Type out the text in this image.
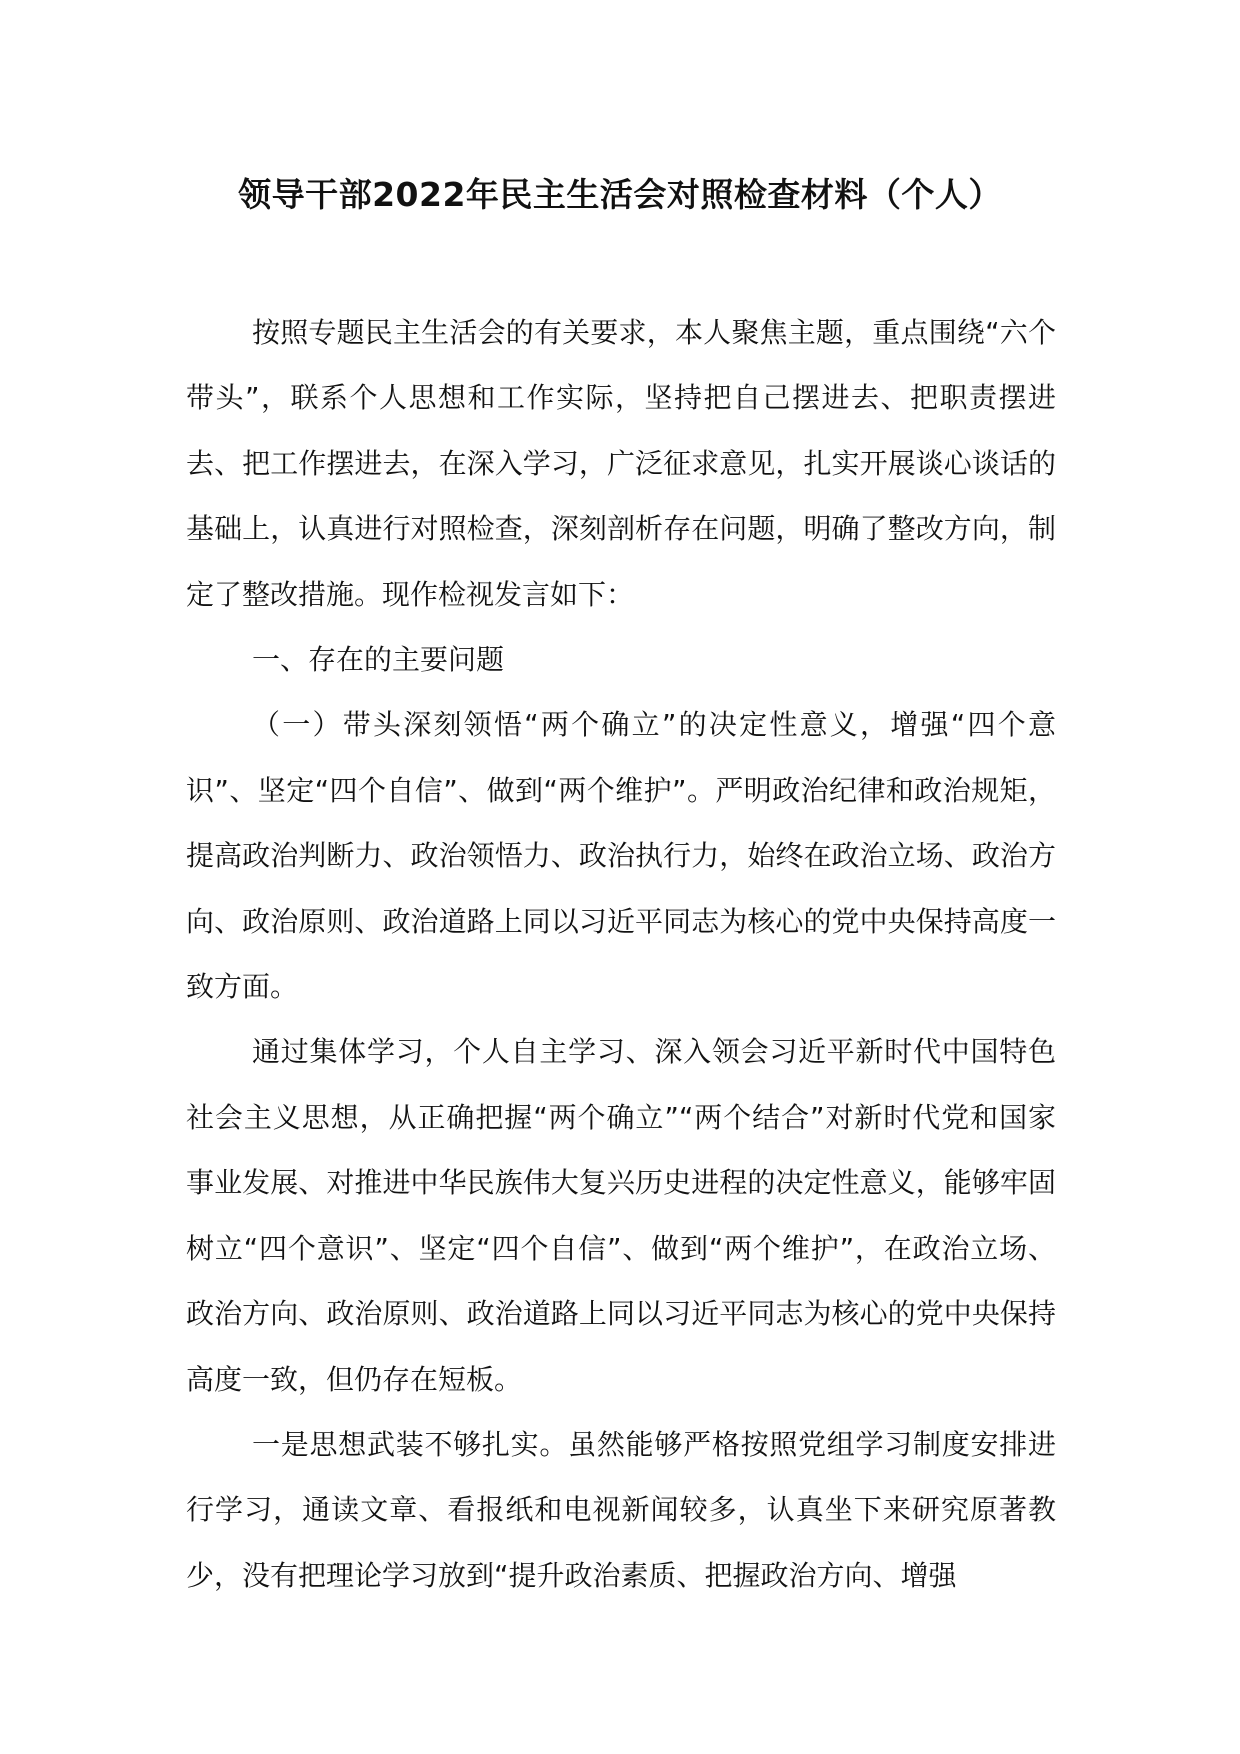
领导干部2022年民主生活会对照检查材料（个人）

按照专题民主生活会的有关要求，本人聚焦主题，重点围绕“六个带头”，联系个人思想和工作实际，坚持把自己摆进去、把职责摆进去、把工作摆进去，在深入学习，广泛征求意见，扎实开展谈心谈话的基础上，认真进行对照检查，深刻剖析存在问题，明确了整改方向，制定了整改措施。现作检视发言如下：

一、存在的主要问题

（一）带头深刻领悟“两个确立”的决定性意义，增强“四个意识”、坚定“四个自信”、做到“两个维护”。严明政治纪律和政治规矩，提高政治判断力、政治领悟力、政治执行力，始终在政治立场、政治方向、政治原则、政治道路上同以习近平同志为核心的党中央保持高度一致方面。

通过集体学习，个人自主学习、深入领会习近平新时代中国特色社会主义思想，从正确把握“两个确立”“两个结合”对新时代党和国家事业发展、对推进中华民族伟大复兴历史进程的决定性意义，能够牢固树立“四个意识”、坚定“四个自信”、做到“两个维护”，在政治立场、政治方向、政治原则、政治道路上同以习近平同志为核心的党中央保持高度一致，但仍存在短板。

一是思想武装不够扎实。虽然能够严格按照党组学习制度安排进行学习，通读文章、看报纸和电视新闻较多，认真坐下来研究原著教少，没有把理论学习放到“提升政治素质、把握政治方向、增强
